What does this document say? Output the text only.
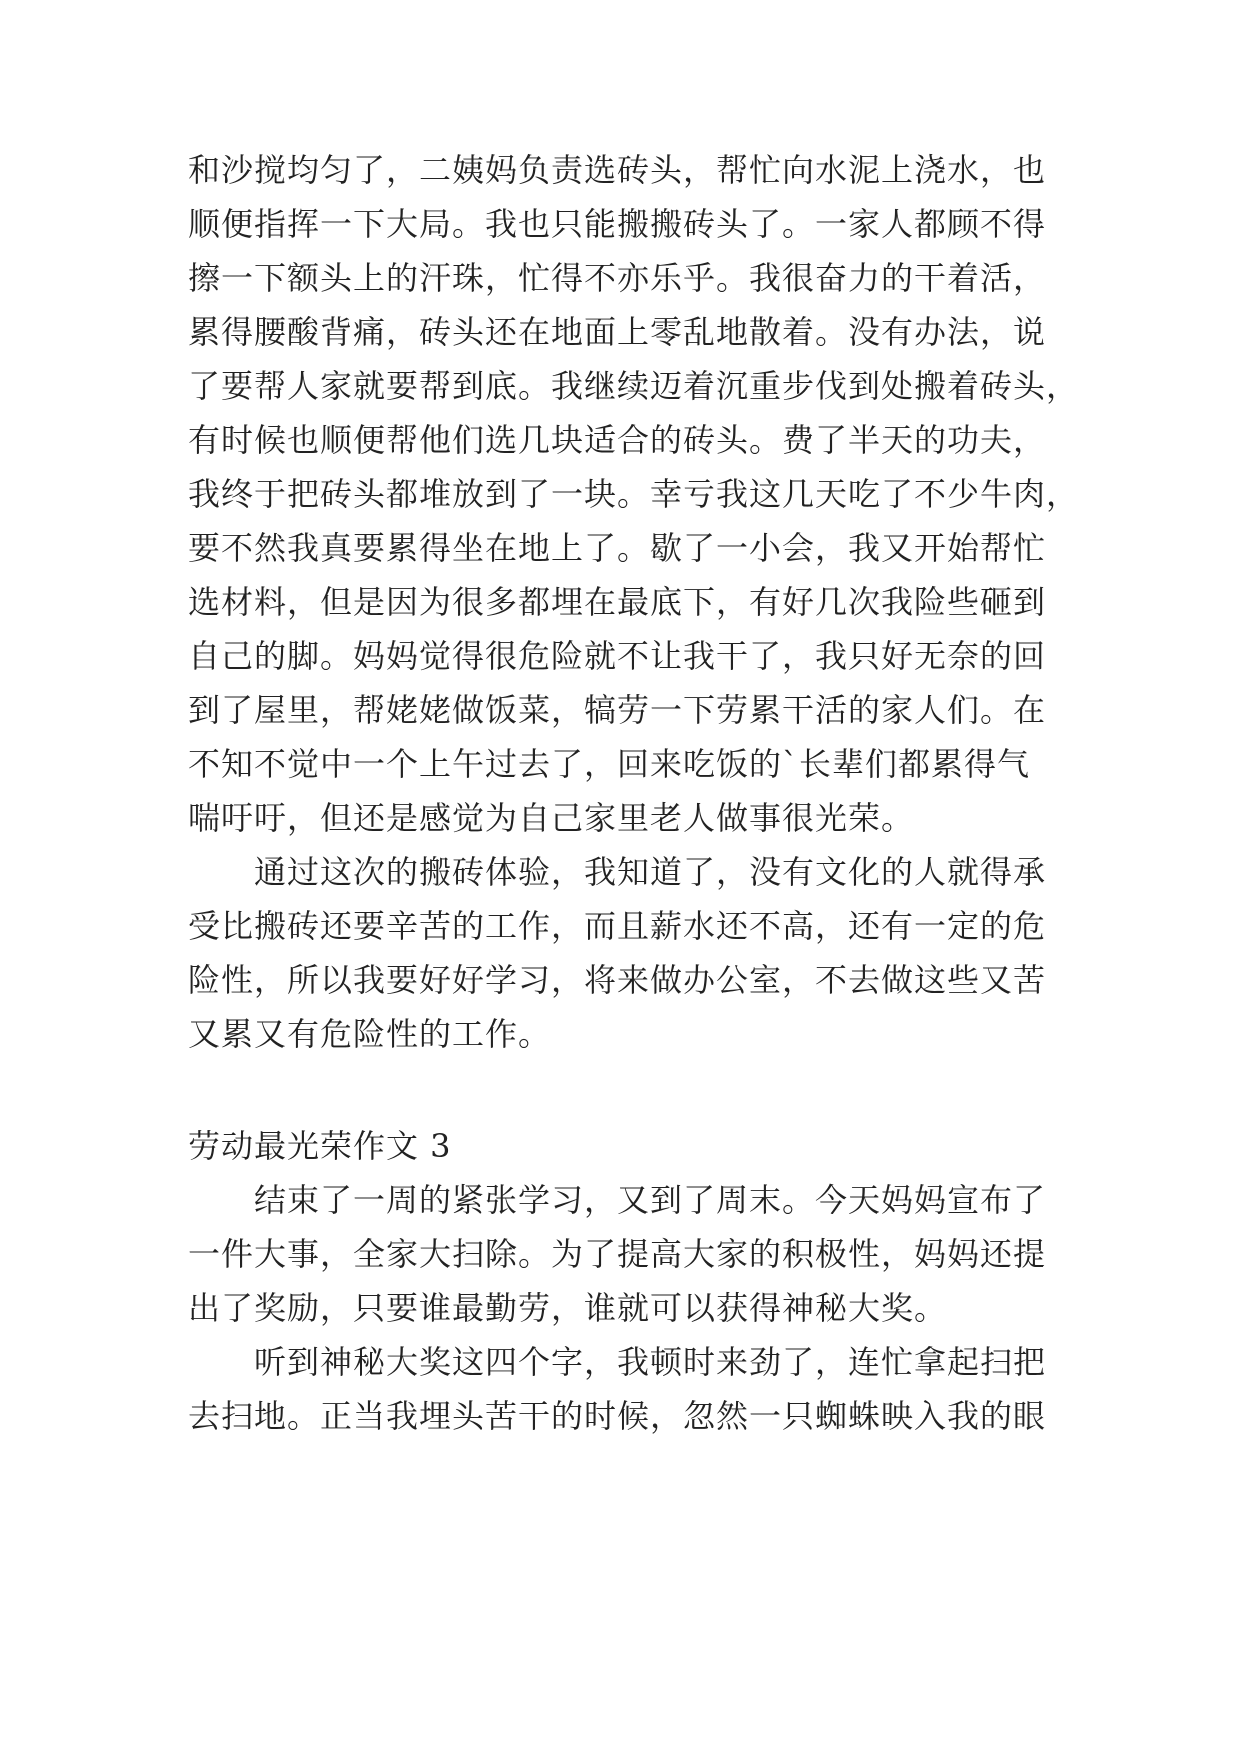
和沙搅均匀了，二姨妈负责选砖头，帮忙向水泥上浇水，也
顺便指挥一下大局。我也只能搬搬砖头了。一家人都顾不得
擦一下额头上的汗珠，忙得不亦乐乎。我很奋力的干着活，
累得腰酸背痛，砖头还在地面上零乱地散着。没有办法，说
了要帮人家就要帮到底。我继续迈着沉重步伐到处搬着砖头，
有时候也顺便帮他们选几块适合的砖头。费了半天的功夫，
我终于把砖头都堆放到了一块。幸亏我这几天吃了不少牛肉，
要不然我真要累得坐在地上了。歇了一小会，我又开始帮忙
选材料，但是因为很多都埋在最底下，有好几次我险些砸到
自己的脚。妈妈觉得很危险就不让我干了，我只好无奈的回
到了屋里，帮姥姥做饭菜，犒劳一下劳累干活的家人们。在
不知不觉中一个上午过去了，回来吃饭的`长辈们都累得气
喘吁吁，但还是感觉为自己家里老人做事很光荣。
　　通过这次的搬砖体验，我知道了，没有文化的人就得承
受比搬砖还要辛苦的工作，而且薪水还不高，还有一定的危
险性，所以我要好好学习，将来做办公室，不去做这些又苦
又累又有危险性的工作。
劳动最光荣作文 3
　　结束了一周的紧张学习，又到了周末。今天妈妈宣布了
一件大事，全家大扫除。为了提高大家的积极性，妈妈还提
出了奖励，只要谁最勤劳，谁就可以获得神秘大奖。
　　听到神秘大奖这四个字，我顿时来劲了，连忙拿起扫把
去扫地。正当我埋头苦干的时候，忽然一只蜘蛛映入我的眼
